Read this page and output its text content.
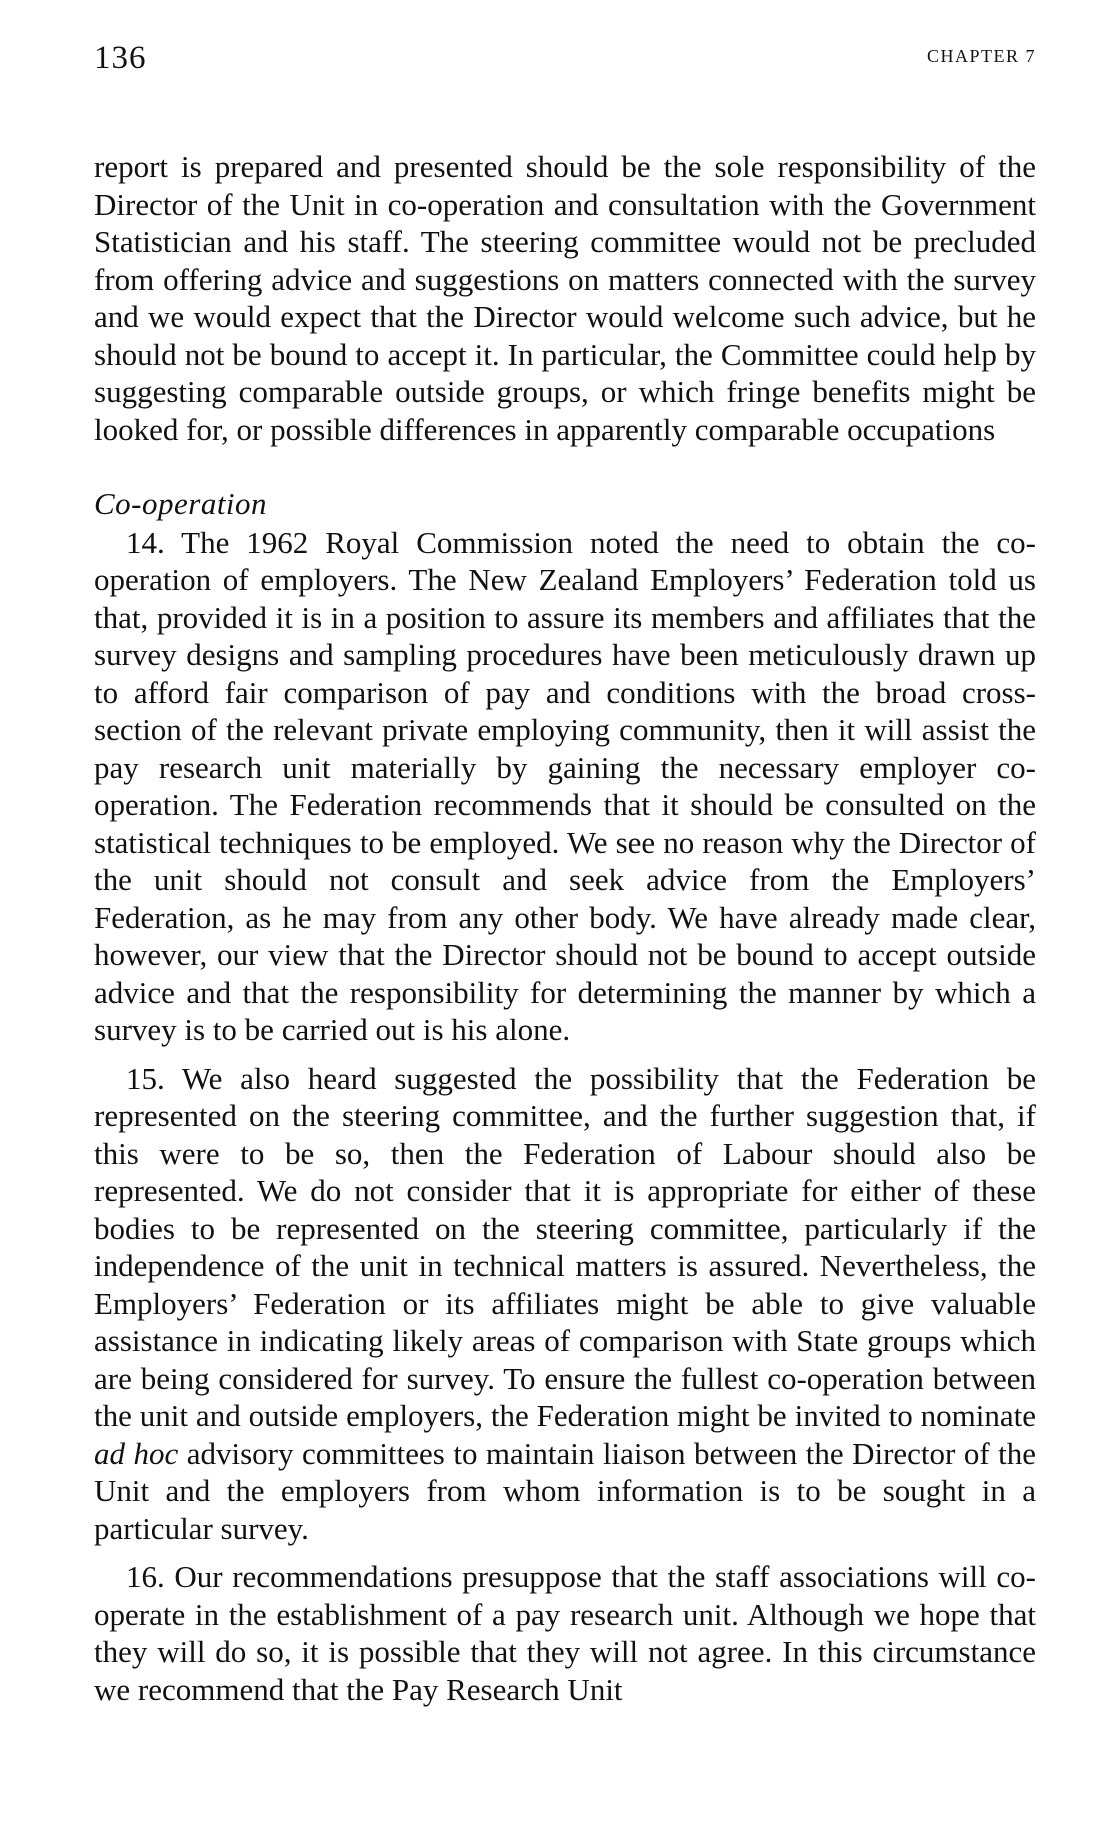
136	CHAPTER 7

report is prepared and presented should be the sole responsibility of the Director of the Unit in co-operation and consultation with the Government Statistician and his staff. The steering committee would not be precluded from offering advice and suggestions on matters connected with the survey and we would expect that the Director would welcome such advice, but he should not be bound to accept it. In particular, the Committee could help by suggesting comparable outside groups, or which fringe benefits might be looked for, or possible differences in apparently comparable occupations

Co-operation

14. The 1962 Royal Commission noted the need to obtain the cooperation of employers. The New Zealand Employers’ Federation told us that, provided it is in a position to assure its members and affiliates that the survey designs and sampling procedures have been meticulously drawn up to afford fair comparison of pay and conditions with the broad cross-section of the relevant private employing community, then it will assist the pay research unit materially by gaining the necessary employer co-operation. The Federation recommends that it should be consulted on the statistical techniques to be employed. We see no reason why the Director of the unit should not consult and seek advice from the Employers’ Federation, as he may from any other body. We have already made clear, however, our view that the Director should not be bound to accept outside advice and that the responsibility for determining the manner by which a survey is to be carried out is his alone.

15. We also heard suggested the possibility that the Federation be represented on the steering committee, and the further suggestion that, if this were to be so, then the Federation of Labour should also be represented. We do not consider that it is appropriate for either of these bodies to be represented on the steering committee, particularly if the independence of the unit in technical matters is assured. Nevertheless, the Employers’ Federation or its affiliates might be able to give valuable assistance in indicating likely areas of comparison with State groups which are being considered for survey. To ensure the fullest co-operation between the unit and outside employers, the Federation might be invited to nominate ad hoc advisory committees to maintain liaison between the Director of the Unit and the employers from whom information is to be sought in a particular survey.

16. Our recommendations presuppose that the staff associations will co-operate in the establishment of a pay research unit. Although we hope that they will do so, it is possible that they will not agree. In this circumstance we recommend that the Pay Research Unit
